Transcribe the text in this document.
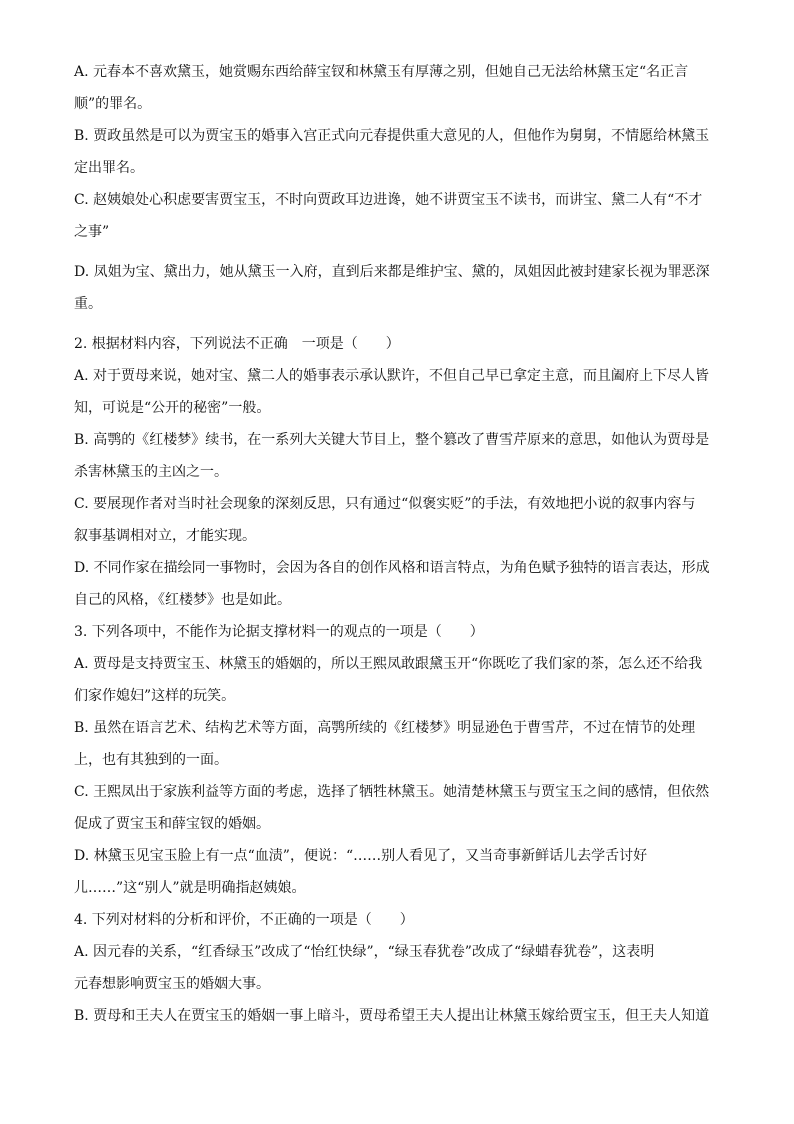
A. 元春本不喜欢黛玉，她赏赐东西给薛宝钗和林黛玉有厚薄之别，但她自己无法给林黛玉定“名正言
顺”的罪名。
B. 贾政虽然是可以为贾宝玉的婚事入宫正式向元春提供重大意见的人，但他作为舅舅，不情愿给林黛玉
定出罪名。
C. 赵姨娘处心积虑要害贾宝玉，不时向贾政耳边进谗，她不讲贾宝玉不读书，而讲宝、黛二人有“不才
之事”
D. 凤姐为宝、黛出力，她从黛玉一入府，直到后来都是维护宝、黛的，凤姐因此被封建家长视为罪恶深
重。
2. 根据材料内容，下列说法不正确　一项是（　　）
A. 对于贾母来说，她对宝、黛二人的婚事表示承认默许，不但自己早已拿定主意，而且阖府上下尽人皆
知，可说是“公开的秘密”一般。
B. 高鹗的《红楼梦》续书，在一系列大关键大节目上，整个篡改了曹雪芹原来的意思，如他认为贾母是
杀害林黛玉的主凶之一。
C. 要展现作者对当时社会现象的深刻反思，只有通过“似褒实贬”的手法，有效地把小说的叙事内容与
叙事基调相对立，才能实现。
D. 不同作家在描绘同一事物时，会因为各自的创作风格和语言特点，为角色赋予独特的语言表达，形成
自己的风格，《红楼梦》也是如此。
3. 下列各项中，不能作为论据支撑材料一的观点的一项是（　　）
A. 贾母是支持贾宝玉、林黛玉的婚姻的，所以王熙凤敢跟黛玉开“你既吃了我们家的茶，怎么还不给我
们家作媳妇”这样的玩笑。
B. 虽然在语言艺术、结构艺术等方面，高鹗所续的《红楼梦》明显逊色于曹雪芹，不过在情节的处理
上，也有其独到的一面。
C. 王熙凤出于家族利益等方面的考虑，选择了牺牲林黛玉。她清楚林黛玉与贾宝玉之间的感情，但依然
促成了贾宝玉和薛宝钗的婚姻。
D. 林黛玉见宝玉脸上有一点“血渍”，便说：“……别人看见了，又当奇事新鲜话儿去学舌讨好
儿……”这“别人”就是明确指赵姨娘。
4. 下列对材料的分析和评价，不正确的一项是（　　）
A. 因元春的关系，“红香绿玉”改成了“怡红快绿”，“绿玉春犹卷”改成了“绿蜡春犹卷”，这表明
元春想影响贾宝玉的婚姻大事。
B. 贾母和王夫人在贾宝玉的婚姻一事上暗斗，贾母希望王夫人提出让林黛玉嫁给贾宝玉，但王夫人知道
